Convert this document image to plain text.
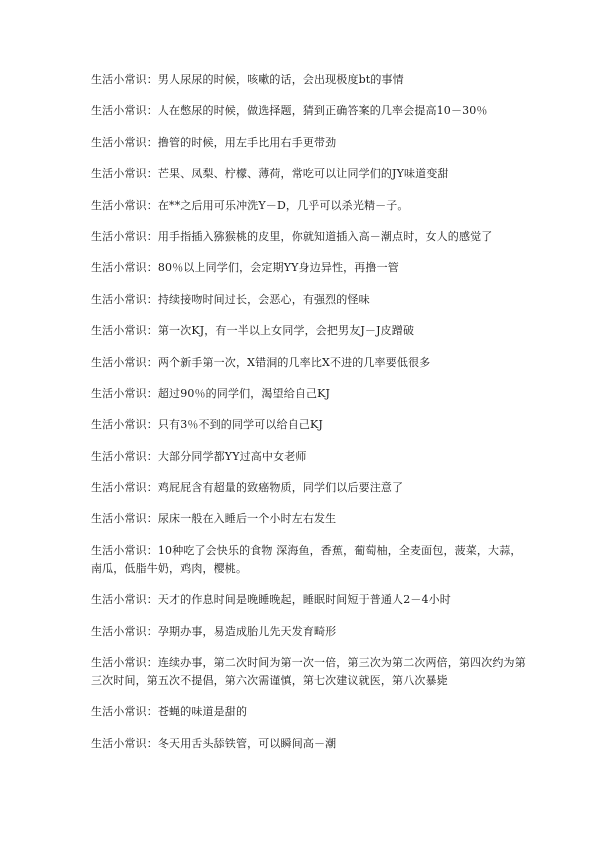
生活小常识：男人尿尿的时候，咳嗽的话，会出现极度bt的事情
生活小常识：人在憋尿的时候，做选择题，猜到正确答案的几率会提高10－30％
生活小常识：撸管的时候，用左手比用右手更带劲
生活小常识：芒果、凤梨、柠檬、薄荷，常吃可以让同学们的JY味道变甜
生活小常识：在**之后用可乐冲洗Y－D，几乎可以杀光精－子。
生活小常识：用手指插入猕猴桃的皮里，你就知道插入高－潮点时，女人的感觉了
生活小常识：80％以上同学们，会定期YY身边异性，再撸一管
生活小常识：持续接吻时间过长，会恶心，有强烈的怪味
生活小常识：第一次KJ，有一半以上女同学，会把男友J－J皮蹭破
生活小常识：两个新手第一次，X错洞的几率比X不进的几率要低很多
生活小常识：超过90％的同学们，渴望给自己KJ
生活小常识：只有3％不到的同学可以给自己KJ
生活小常识：大部分同学都YY过高中女老师
生活小常识：鸡屁屁含有超量的致癌物质，同学们以后要注意了
生活小常识：尿床一般在入睡后一个小时左右发生
生活小常识：10种吃了会快乐的食物 深海鱼，香蕉，葡萄柚，全麦面包，菠菜，大蒜，南瓜，低脂牛奶，鸡肉，樱桃。
生活小常识：天才的作息时间是晚睡晚起，睡眠时间短于普通人2－4小时
生活小常识：孕期办事，易造成胎儿先天发育畸形
生活小常识：连续办事，第二次时间为第一次一倍，第三次为第二次两倍，第四次约为第三次时间，第五次不提倡，第六次需谨慎，第七次建议就医，第八次暴毙
生活小常识：苍蝇的味道是甜的
生活小常识：冬天用舌头舔铁管，可以瞬间高－潮
